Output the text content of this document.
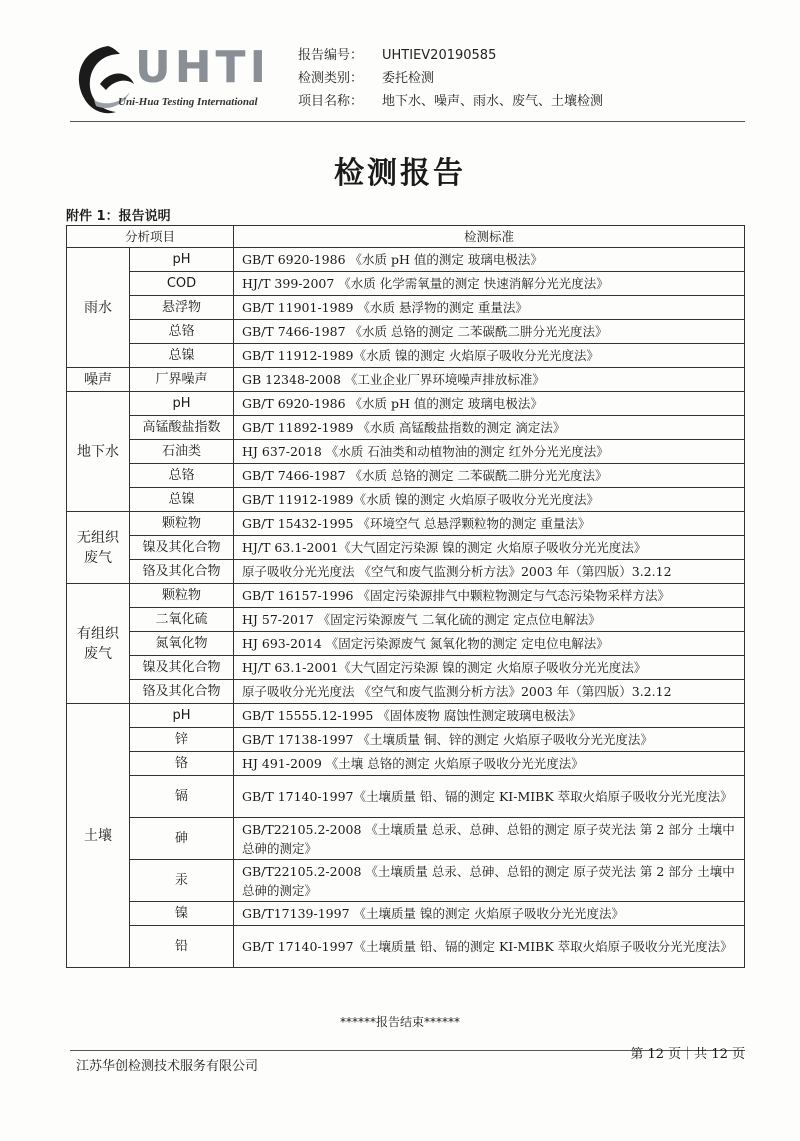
UHTI
Uni-Hua Testing International
报告编号： UHTIEV20190585
检测类别： 委托检测
项目名称： 地下水、噪声、雨水、废气、土壤检测
检测报告
附件 1：报告说明
分析项目		检测标准
雨水	pH	GB/T 6920-1986 《水质 pH 值的测定 玻璃电极法》
	COD	HJ/T 399-2007 《水质 化学需氧量的测定 快速消解分光光度法》
	悬浮物	GB/T 11901-1989 《水质 悬浮物的测定 重量法》
	总铬	GB/T 7466-1987 《水质 总铬的测定 二苯碳酰二肼分光光度法》
	总镍	GB/T 11912-1989《水质 镍的测定 火焰原子吸收分光光度法》
噪声	厂界噪声	GB 12348-2008 《工业企业厂界环境噪声排放标准》
地下水	pH	GB/T 6920-1986 《水质 pH 值的测定 玻璃电极法》
	高锰酸盐指数	GB/T 11892-1989 《水质 高锰酸盐指数的测定 滴定法》
	石油类	HJ 637-2018 《水质 石油类和动植物油的测定 红外分光光度法》
	总铬	GB/T 7466-1987 《水质 总铬的测定 二苯碳酰二肼分光光度法》
	总镍	GB/T 11912-1989《水质 镍的测定 火焰原子吸收分光光度法》
无组织
废气	颗粒物	GB/T 15432-1995 《环境空气 总悬浮颗粒物的测定 重量法》
	镍及其化合物	HJ/T 63.1-2001《大气固定污染源 镍的测定 火焰原子吸收分光光度法》
	铬及其化合物	原子吸收分光光度法 《空气和废气监测分析方法》2003 年（第四版）3.2.12
有组织
废气	颗粒物	GB/T 16157-1996 《固定污染源排气中颗粒物测定与气态污染物采样方法》
	二氧化硫	HJ 57-2017 《固定污染源废气 二氧化硫的测定 定点位电解法》
	氮氧化物	HJ 693-2014 《固定污染源废气 氮氧化物的测定 定电位电解法》
	镍及其化合物	HJ/T 63.1-2001《大气固定污染源 镍的测定 火焰原子吸收分光光度法》
	铬及其化合物	原子吸收分光光度法 《空气和废气监测分析方法》2003 年（第四版）3.2.12
土壤	pH	GB/T 15555.12-1995 《固体废物 腐蚀性测定玻璃电极法》
	锌	GB/T 17138-1997 《土壤质量 铜、锌的测定 火焰原子吸收分光光度法》
	铬	HJ 491-2009 《土壤 总铬的测定 火焰原子吸收分光光度法》
	镉	GB/T 17140-1997《土壤质量 铅、镉的测定 KI-MIBK 萃取火焰原子吸收分光光度法》
	砷	GB/T22105.2-2008 《土壤质量 总汞、总砷、总铅的测定 原子荧光法 第 2 部分 土壤中总砷的测定》
	汞	GB/T22105.2-2008 《土壤质量 总汞、总砷、总铅的测定 原子荧光法 第 2 部分 土壤中总砷的测定》
	镍	GB/T17139-1997 《土壤质量 镍的测定 火焰原子吸收分光光度法》
	铅	GB/T 17140-1997《土壤质量 铅、镉的测定 KI-MIBK 萃取火焰原子吸收分光光度法》
******报告结束******
江苏华创检测技术服务有限公司
第 12 页｜共 12 页
